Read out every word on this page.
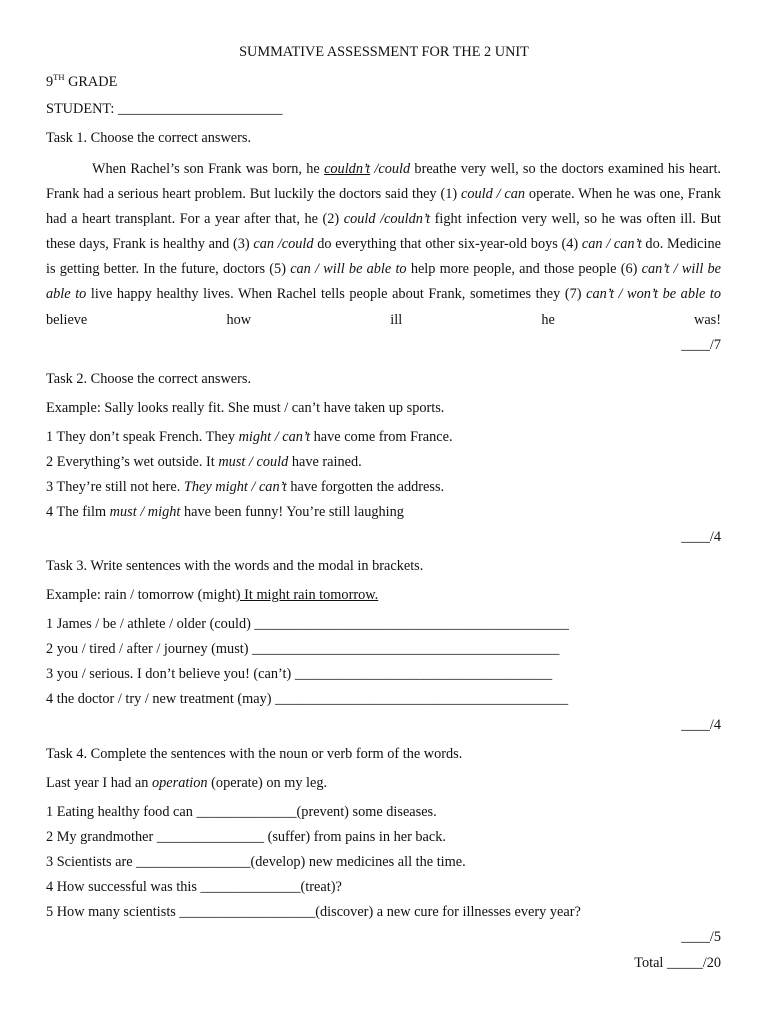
SUMMATIVE ASSESSMENT FOR THE 2 UNIT
9TH GRADE
STUDENT: _______________________
Task 1. Choose the correct answers.
When Rachel’s son Frank was born, he couldn’t /could breathe very well, so the doctors examined his heart. Frank had a serious heart problem. But luckily the doctors said they (1) could / can operate. When he was one, Frank had a heart transplant. For a year after that, he (2) could /couldn’t fight infection very well, so he was often ill. But these days, Frank is healthy and (3) can /could do everything that other six-year-old boys (4) can / can’t do. Medicine is getting better. In the future, doctors (5) can / will be able to help more people, and those people (6) can’t / will be able to live happy healthy lives. When Rachel tells people about Frank, sometimes they (7) can’t / won’t be able to believe how ill he was!
____/7
Task 2. Choose the correct answers.
Example: Sally looks really fit. She must / can’t have taken up sports.
1 They don’t speak French. They might / can’t have come from France.
2 Everything’s wet outside. It must / could have rained.
3 They’re still not here. They might / can’t have forgotten the address.
4 The film must / might have been funny! You’re still laughing
____/4
Task 3. Write sentences with the words and the modal in brackets.
Example: rain / tomorrow (might) It might rain tomorrow.
1 James / be / athlete / older (could) ____________________________________________
2 you / tired / after / journey (must) ___________________________________________
3 you / serious. I don’t believe you! (can’t) ____________________________________
4 the doctor / try / new treatment (may) _________________________________________
____/4
Task 4. Complete the sentences with the noun or verb form of the words.
Last year I had an operation (operate) on my leg.
1 Eating healthy food can ______________(prevent) some diseases.
2 My grandmother _______________ (suffer) from pains in her back.
3 Scientists are ________________(develop) new medicines all the time.
4 How successful was this ______________(treat)?
5 How many scientists ___________________(discover) a new cure for illnesses every year?
____/5
Total _____/20
